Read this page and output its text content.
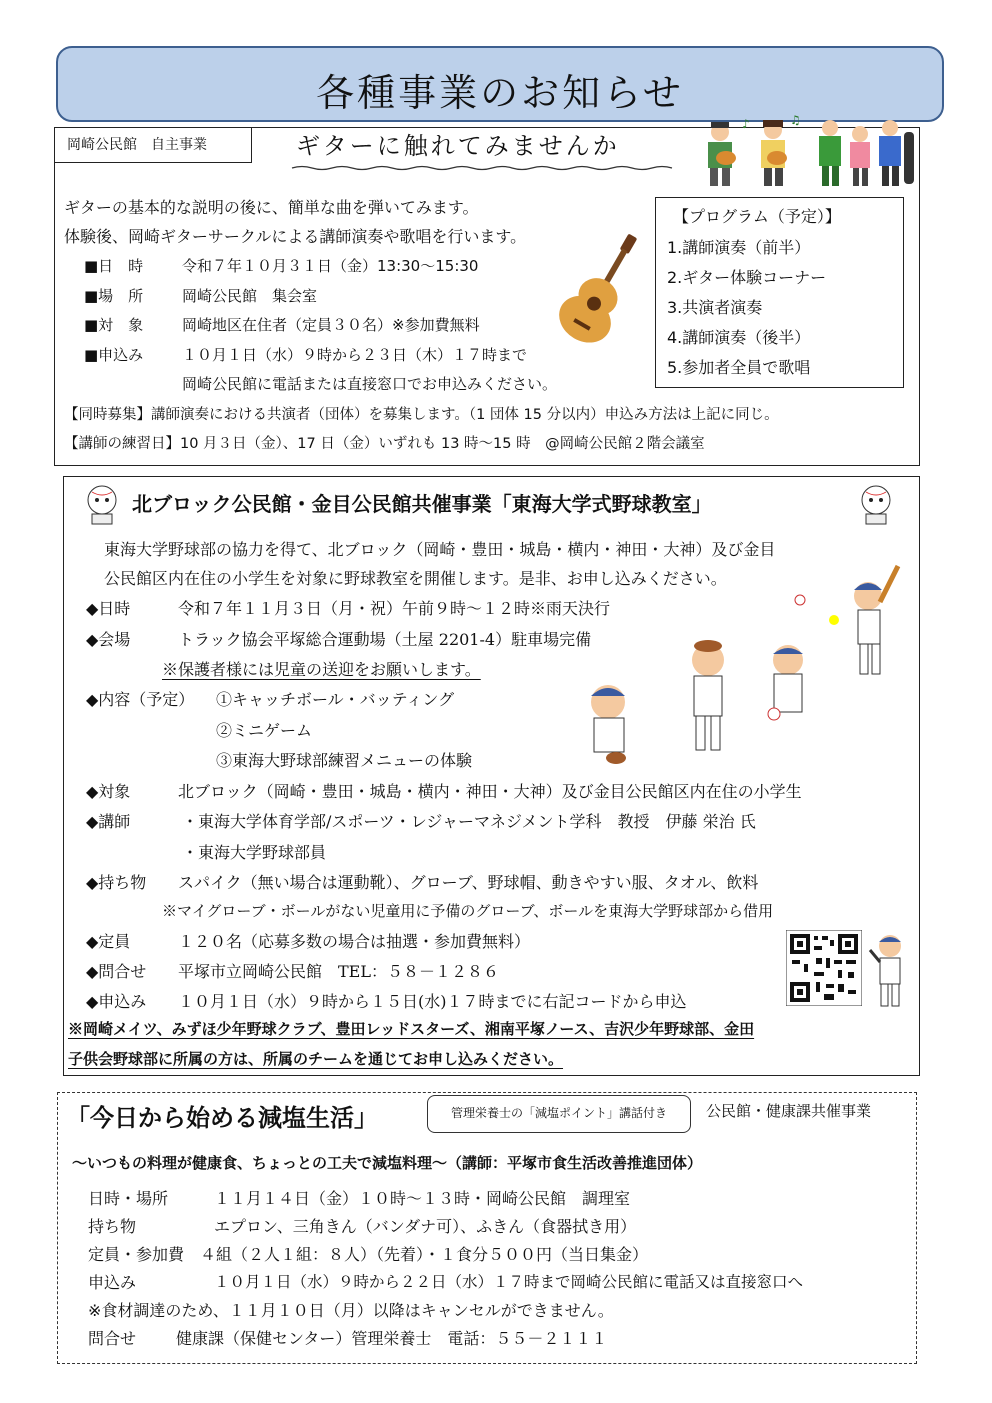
各種事業のお知らせ
岡崎公民館　自主事業	ギターに触れてみませんか
♪	♫
ギターの基本的な説明の後に、簡単な曲を弾いてみます。
体験後、岡崎ギターサークルによる講師演奏や歌唱を行います。
■日　時	令和７年１０月３１日（金）13:30～15:30
■場　所	岡崎公民館　集会室
■対　象	岡崎地区在住者（定員３０名）※参加費無料
■申込み	１０月１日（水）９時から２３日（木）１７時まで
岡崎公民館に電話または直接窓口でお申込みください。
【プログラム（予定）】
1.講師演奏（前半）
2.ギター体験コーナー
3.共演者演奏
4.講師演奏（後半）
5.参加者全員で歌唱
【同時募集】講師演奏における共演者（団体）を募集します。（1 団体 15 分以内）申込み方法は上記に同じ。
【講師の練習日】10 月３日（金）、17 日（金）いずれも 13 時～15 時　@岡崎公民館２階会議室
北ブロック公民館・金目公民館共催事業「東海大学式野球教室」
東海大学野球部の協力を得て、北ブロック（岡崎・豊田・城島・横内・神田・大神）及び金目
公民館区内在住の小学生を対象に野球教室を開催します。是非、お申し込みください。
◆日時	令和７年１１月３日（月・祝）午前９時～１２時※雨天決行
◆会場	トラック協会平塚総合運動場（土屋 2201-4）駐車場完備
※保護者様には児童の送迎をお願いします。
◆内容（予定） ①キャッチボール・バッティング
②ミニゲーム
③東海大野球部練習メニューの体験
◆対象	北ブロック（岡崎・豊田・城島・横内・神田・大神）及び金目公民館区内在住の小学生
◆講師	・東海大学体育学部/スポーツ・レジャーマネジメント学科　教授　伊藤 栄治 氏
・東海大学野球部員
◆持ち物 スパイク（無い場合は運動靴）、グローブ、野球帽、動きやすい服、タオル、飲料
※マイグローブ・ボールがない児童用に予備のグローブ、ボールを東海大学野球部から借用
◆定員	１２０名（応募多数の場合は抽選・参加費無料）
◆問合せ 平塚市立岡崎公民館　TEL：５８－１２８６
◆申込み １０月１日（水）９時から１５日(水)１７時までに右記コードから申込
※岡崎メイツ、みずほ少年野球クラブ、豊田レッドスターズ、湘南平塚ノース、吉沢少年野球部、金田
子供会野球部に所属の方は、所属のチームを通じてお申し込みください。
「今日から始める減塩生活」	管理栄養士の「減塩ポイント」講話付き	公民館・健康課共催事業
～いつもの料理が健康食、ちょっとの工夫で減塩料理～（講師：平塚市食生活改善推進団体）
日時・場所	１１月１４日（金）１０時～１３時・岡崎公民館　調理室
持ち物	エプロン、三角きん（バンダナ可）、ふきん（食器拭き用）
定員・参加費 ４組（２人１組：８人）（先着）・１食分５００円（当日集金）
申込み	１０月１日（水）９時から２２日（水）１７時まで岡崎公民館に電話又は直接窓口へ
※食材調達のため、１１月１０日（月）以降はキャンセルができません。
問合せ 健康課（保健センター）管理栄養士　電話：５５－２１１１
